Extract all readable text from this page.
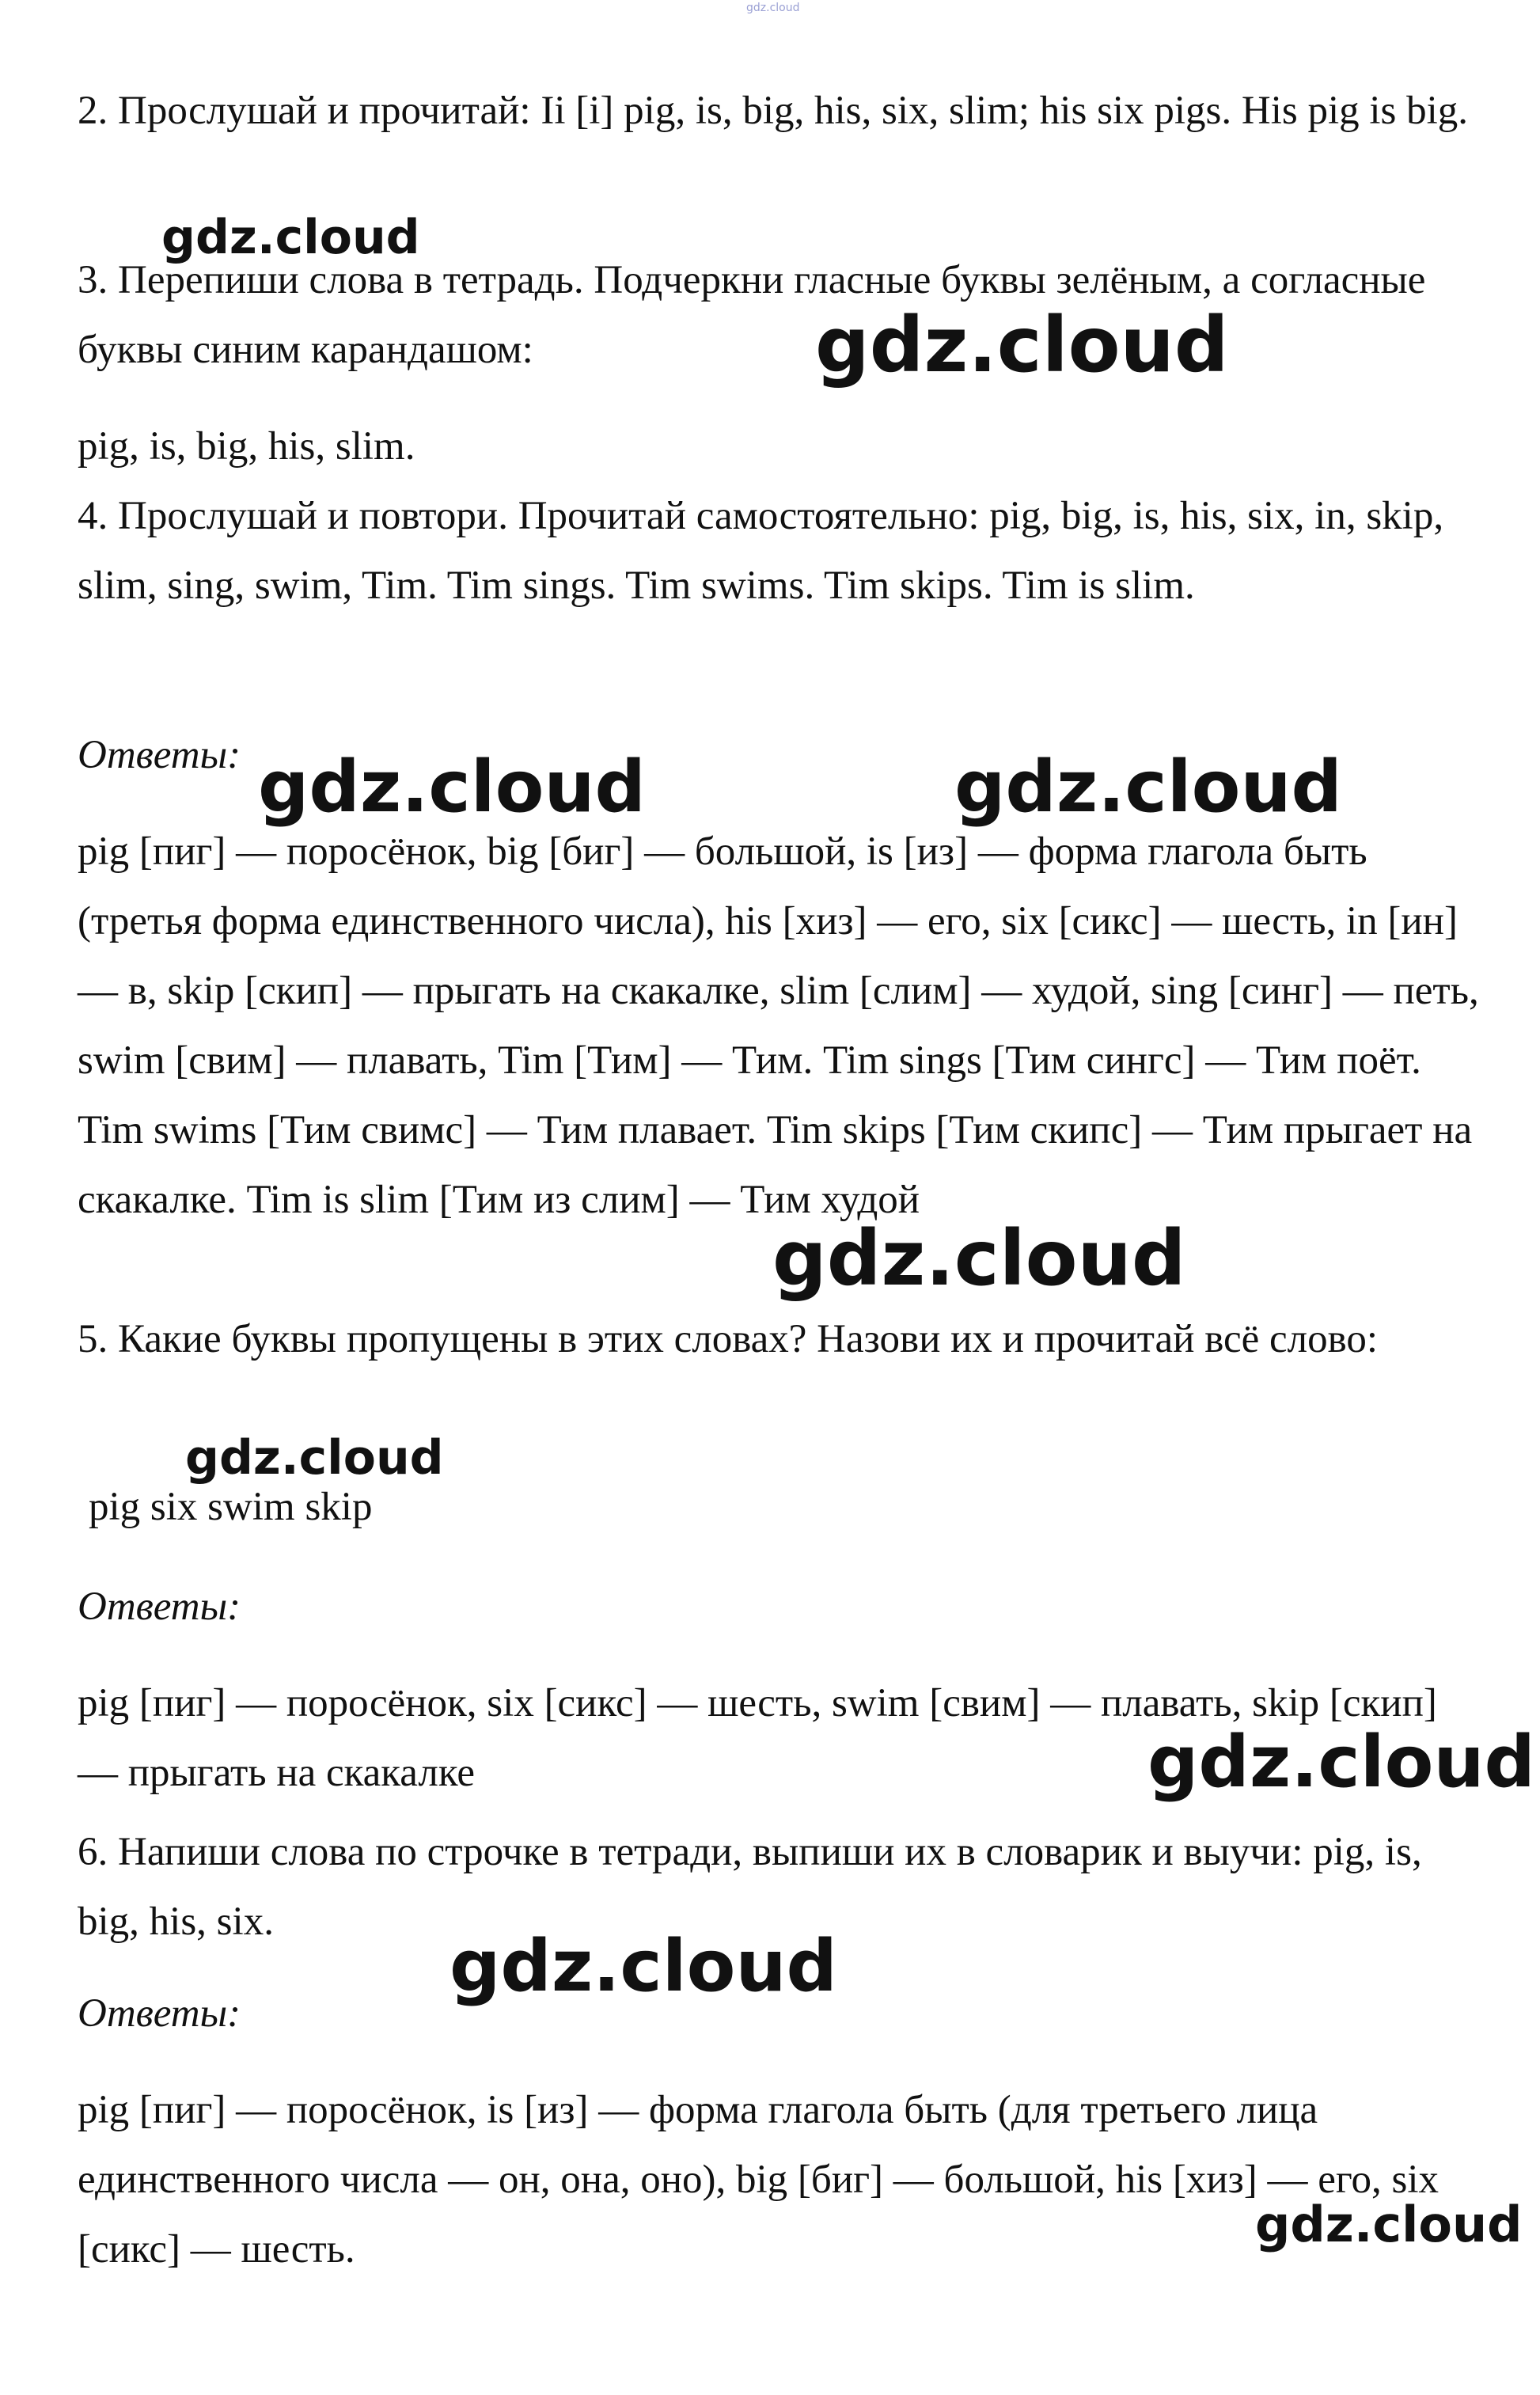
gdz.cloud
2. Прослушай и прочитай: Ii [i] pig, is, big, his, six, slim; his six pigs. His pig is big.
3. Перепиши слова в тетрадь. Подчеркни гласные буквы зелёным, а согласные буквы синим карандашом:
pig, is, big, his, slim.
4. Прослушай и повтори. Прочитай самостоятельно: pig, big, is, his, six, in, skip, slim, sing, swim, Tim. Tim sings. Tim swims. Tim skips. Tim is slim.
Ответы:
pig [пиг] — поросёнок, big [биг] — большой, is [из] — форма глагола быть (третья форма единственного числа), his [хиз] — его, six [сикс] — шесть, in [ин] — в, skip [скип] — прыгать на скакалке, slim [слим] — худой, sing [синг] — петь, swim [свим] — плавать, Tim [Тим] — Тим. Tim sings [Тим сингс] — Тим поёт. Tim swims [Тим свимс] — Тим плавает. Tim skips [Тим скипс] — Тим прыгает на скакалке. Tim is slim [Тим из слим] — Тим худой
5. Какие буквы пропущены в этих словах? Назови их и прочитай всё слово:
pig six swim skip
Ответы:
pig [пиг] — поросёнок, six [сикс] — шесть, swim [свим] — плавать, skip [скип] — прыгать на скакалке
6. Напиши слова по строчке в тетради, выпиши их в словарик и выучи: pig, is, big, his, six.
Ответы:
pig [пиг] — поросёнок, is [из] — форма глагола быть (для третьего лица единственного числа — он, она, оно), big [биг] — большой, his [хиз] — его, six [сикс] — шесть.
gdz.cloud
gdz.cloud
gdz.cloud	gdz.cloud
gdz.cloud
gdz.cloud
gdz.cloud
gdz.cloud
gdz.cloud
